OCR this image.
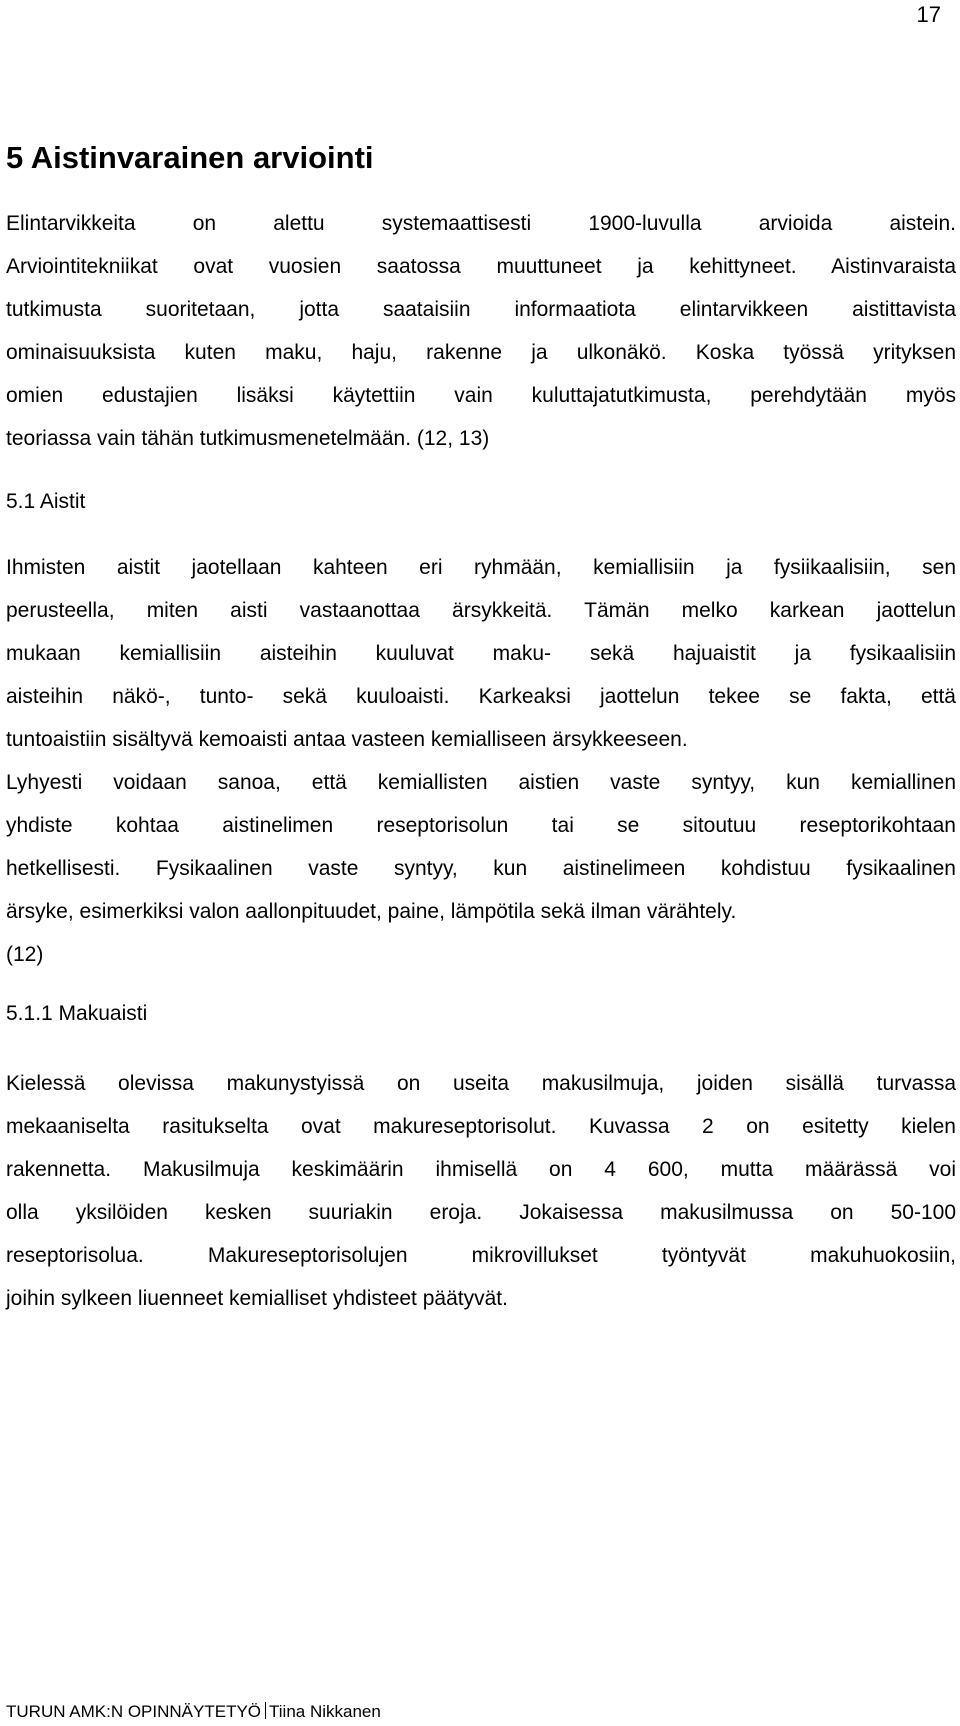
17
5 Aistinvarainen arviointi

Elintarvikkeita on alettu systemaattisesti 1900-luvulla arvioida aistein.
Arviointitekniikat ovat vuosien saatossa muuttuneet ja kehittyneet. Aistinvaraista
tutkimusta suoritetaan, jotta saataisiin informaatiota elintarvikkeen aistittavista
ominaisuuksista kuten maku, haju, rakenne ja ulkonäkö. Koska työssä yrityksen
omien edustajien lisäksi käytettiin vain kuluttajatutkimusta, perehdytään myös
teoriassa vain tähän tutkimusmenetelmään. (12, 13)

5.1 Aistit

Ihmisten aistit jaotellaan kahteen eri ryhmään, kemiallisiin ja fysiikaalisiin, sen
perusteella, miten aisti vastaanottaa ärsykkeitä. Tämän melko karkean jaottelun
mukaan kemiallisiin aisteihin kuuluvat maku- sekä hajuaistit ja fysikaalisiin
aisteihin näkö-, tunto- sekä kuuloaisti. Karkeaksi jaottelun tekee se fakta, että
tuntoaistiin sisältyvä kemoaisti antaa vasteen kemialliseen ärsykkeeseen.
Lyhyesti voidaan sanoa, että kemiallisten aistien vaste syntyy, kun kemiallinen
yhdiste kohtaa aistinelimen reseptorisolun tai se sitoutuu reseptorikohtaan
hetkellisesti. Fysikaalinen vaste syntyy, kun aistinelimeen kohdistuu fysikaalinen
ärsyke, esimerkiksi valon aallonpituudet, paine, lämpötila sekä ilman värähtely.
(12)

5.1.1 Makuaisti

Kielessä olevissa makunystyissä on useita makusilmuja, joiden sisällä turvassa
mekaaniselta rasitukselta ovat makureseptorisolut. Kuvassa 2 on esitetty kielen
rakennetta. Makusilmuja keskimäärin ihmisellä on 4 600, mutta määrässä voi
olla yksilöiden kesken suuriakin eroja. Jokaisessa makusilmussa on 50-100
reseptorisolua. Makureseptorisolujen mikrovillukset työntyvät makuhuokosiin,
joihin sylkeen liuenneet kemialliset yhdisteet päätyvät.

TURUN AMK:N OPINNÄYTETYÖ Tiina Nikkanen
